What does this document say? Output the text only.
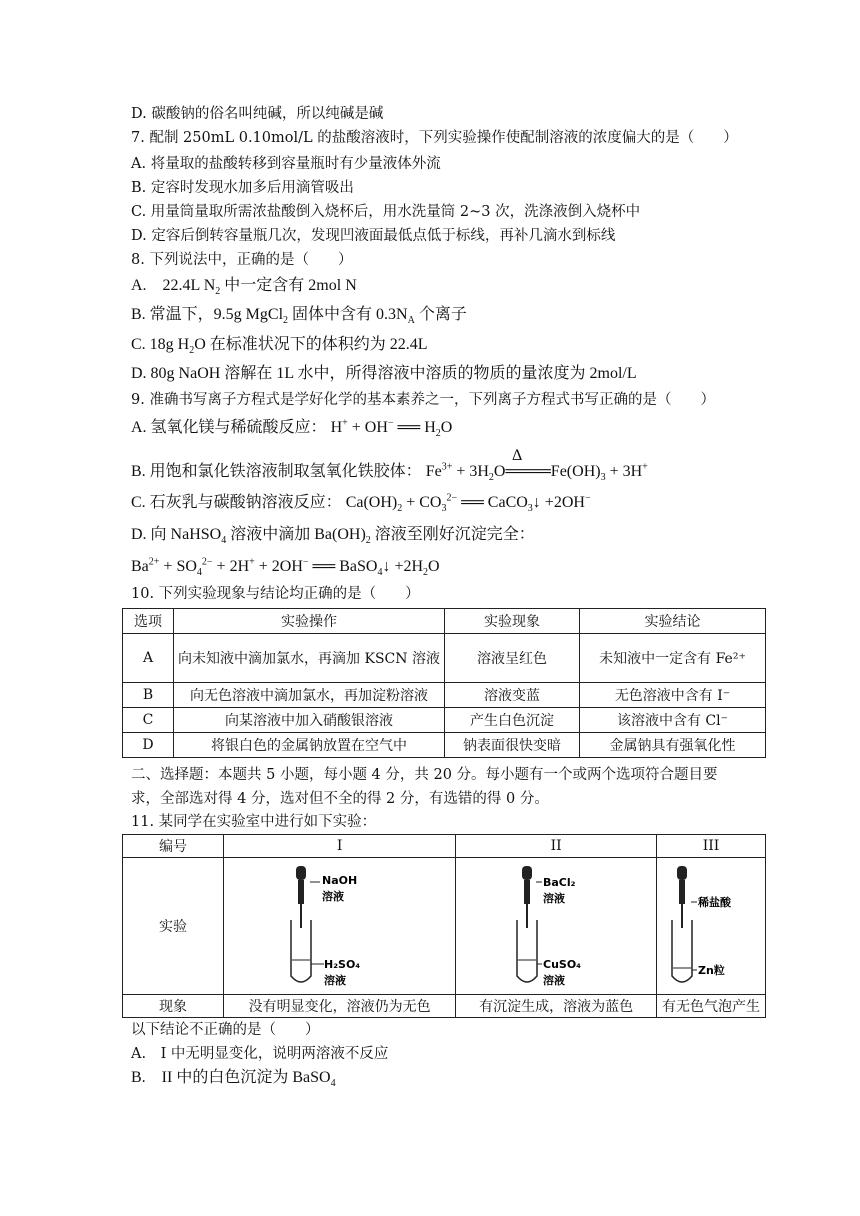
D. 碳酸钠的俗名叫纯碱，所以纯碱是碱
7. 配制 250mL 0.10mol/L 的盐酸溶液时，下列实验操作使配制溶液的浓度偏大的是（　　）
A. 将量取的盐酸转移到容量瓶时有少量液体外流
B. 定容时发现水加多后用滴管吸出
C. 用量筒量取所需浓盐酸倒入烧杯后，用水洗量筒 2~3 次，洗涤液倒入烧杯中
D. 定容后倒转容量瓶几次，发现凹液面最低点低于标线，再补几滴水到标线
8. 下列说法中，正确的是（　　）
A.　22.4L $N_2$ 中一定含有 2mol N
B. 常温下，9.5g MgCl$_2$ 固体中含有 $0.3N_A$ 个离子
C. 18g $H_2O$ 在标准状况下的体积约为 22.4L
D. 80g NaOH 溶解在 1L 水中，所得溶液中溶质的物质的量浓度为 2mol/L
9. 准确书写离子方程式是学好化学的基本素养之一，下列离子方程式书写正确的是（　　）
A. 氢氧化镁与稀硫酸反应： H+ + OH− ══ $H_2O$
Δ
B. 用饱和氯化铁溶液制取氢氧化铁胶体： $Fe^{3+}$ + $3H_2O════Fe(OH)_3 + 3H^+$
C. 石灰乳与碳酸钠溶液反应： $Ca(OH)_2 + CO_3^{2-}$ ══ CaCO$_3$↓ +2OH−
D. 向 NaHSO$_4$ 溶液中滴加 $Ba(OH)_2$ 溶液至刚好沉淀完全：
$Ba^{2+} + SO_4^{2-} + 2H^+ + 2OH^-$ ══ BaSO$_4$↓ $+2H_2O$
10. 下列实验现象与结论均正确的是（　　）
选项	实验操作	实验现象	实验结论
A	向未知液中滴加氯水，再滴加 KSCN 溶液	溶液呈红色	未知液中一定含有 Fe²⁺
B	向无色溶液中滴加氯水，再加淀粉溶液	溶液变蓝	无色溶液中含有 I⁻
C	向某溶液中加入硝酸银溶液	产生白色沉淀	该溶液中含有 Cl⁻
D	将银白色的金属钠放置在空气中	钠表面很快变暗	金属钠具有强氧化性
二、选择题：本题共 5 小题，每小题 4 分，共 20 分。每小题有一个或两个选项符合题目要
求，全部选对得 4 分，选对但不全的得 2 分，有选错的得 0 分。
11. 某同学在实验室中进行如下实验：
编号	I	II	III
实验	NaOH
溶液
H₂SO₄
溶液	BaCl₂
溶液
CuSO₄
溶液	稀盐酸
Zn粒

现象	没有明显变化，溶液仍为无色	有沉淀生成，溶液为蓝色	有无色气泡产生
以下结论不正确的是（　　）
A.　I 中无明显变化，说明两溶液不反应
B.　II 中的白色沉淀为 BaSO$_4$
